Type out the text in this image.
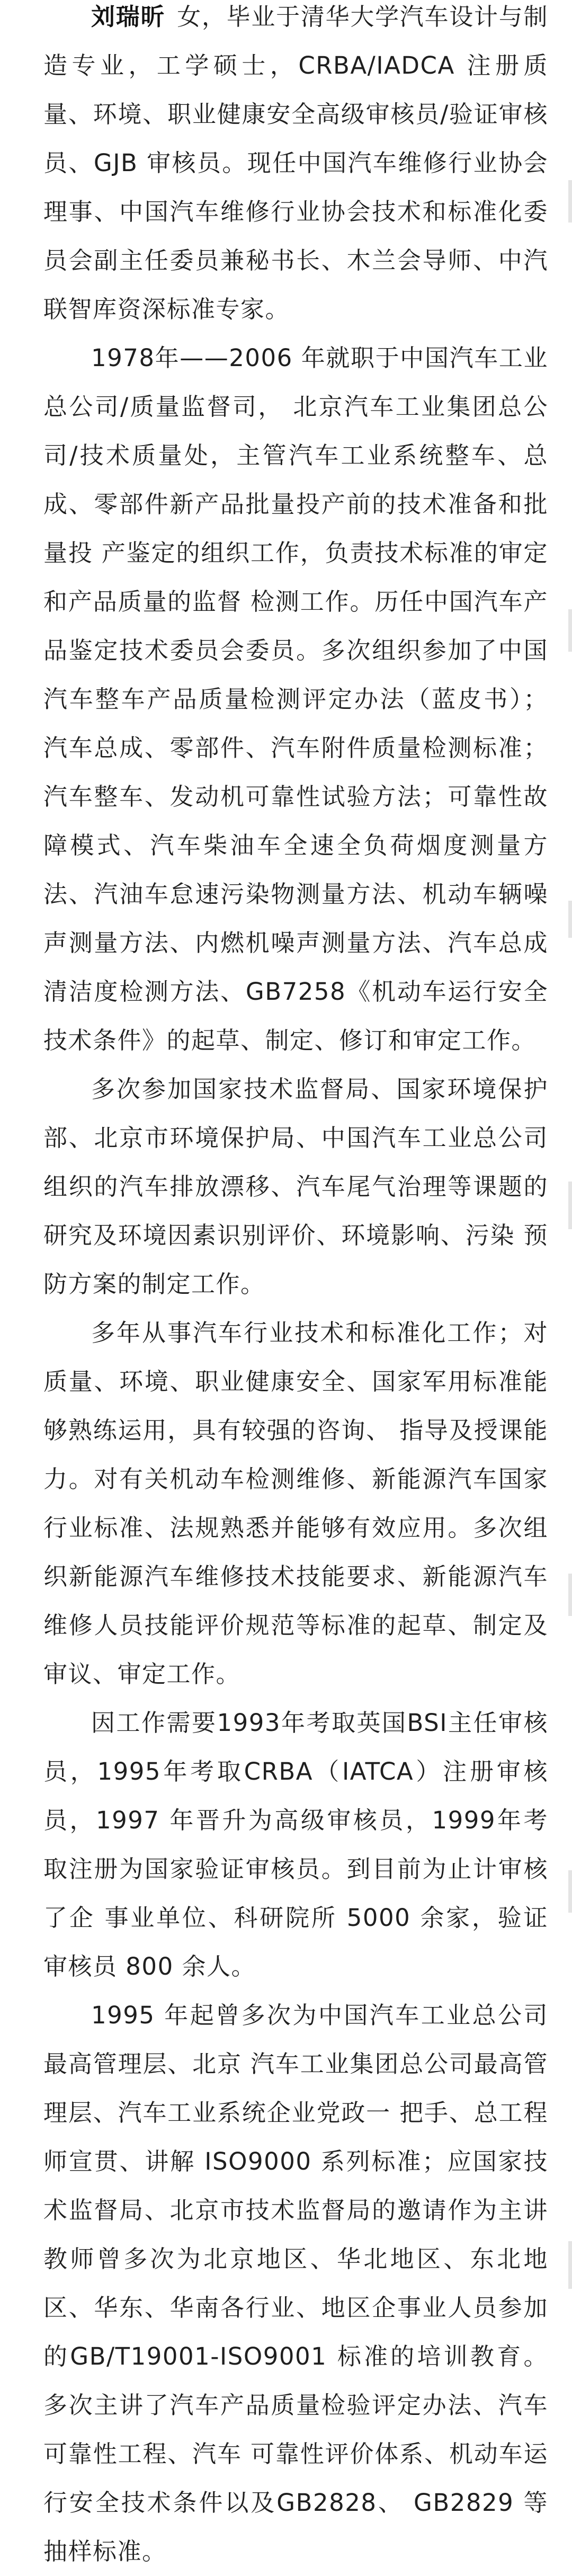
刘瑞昕 女，毕业于清华大学汽车设计与制造专业，工学硕士，CRBA/IADCA 注册质量、环境、职业健康安全高级审核员/验证审核员、GJB 审核员。现任中国汽车维修行业协会理事、中国汽车维修行业协会技术和标准化委员会副主任委员兼秘书长、木兰会导师、中汽联智库资深标准专家。

1978年——2006 年就职于中国汽车工业总公司/质量监督司， 北京汽车工业集团总公司/技术质量处，主管汽车工业系统整车、总成、零部件新产品批量投产前的技术准备和批量投 产鉴定的组织工作，负责技术标准的审定和产品质量的监督 检测工作。历任中国汽车产品鉴定技术委员会委员。多次组织参加了中国汽车整车产品质量检测评定办法（蓝皮书）；汽车总成、零部件、汽车附件质量检测标准；汽车整车、发动机可靠性试验方法；可靠性故障模式、汽车柴油车全速全负荷烟度测量方法、汽油车怠速污染物测量方法、机动车辆噪声测量方法、内燃机噪声测量方法、汽车总成清洁度检测方法、GB7258《机动车运行安全技术条件》的起草、制定、修订和审定工作。

多次参加国家技术监督局、国家环境保护部、北京市环境保护局、中国汽车工业总公司组织的汽车排放漂移、汽车尾气治理等课题的研究及环境因素识别评价、环境影响、污染 预防方案的制定工作。

多年从事汽车行业技术和标准化工作；对质量、环境、职业健康安全、国家军用标准能够熟练运用，具有较强的咨询、 指导及授课能力。对有关机动车检测维修、新能源汽车国家行业标准、法规熟悉并能够有效应用。多次组织新能源汽车维修技术技能要求、新能源汽车维修人员技能评价规范等标准的起草、制定及审议、审定工作。

因工作需要1993年考取英国BSI主任审核员，1995年考取CRBA（IATCA）注册审核员，1997 年晋升为高级审核员，1999年考取注册为国家验证审核员。到目前为止计审核了企 事业单位、科研院所 5000 余家，验证审核员 800 余人。

1995 年起曾多次为中国汽车工业总公司最高管理层、北京 汽车工业集团总公司最高管理层、汽车工业系统企业党政一 把手、总工程师宣贯、讲解 ISO9000 系列标准；应国家技术监督局、北京市技术监督局的邀请作为主讲教师曾多次为北京地区、华北地区、东北地区、华东、华南各行业、地区企事业人员参加的GB/T19001-ISO9001 标准的培训教育。多次主讲了汽车产品质量检验评定办法、汽车可靠性工程、汽车 可靠性评价体系、机动车运行安全技术条件以及GB2828、 GB2829 等抽样标准。
